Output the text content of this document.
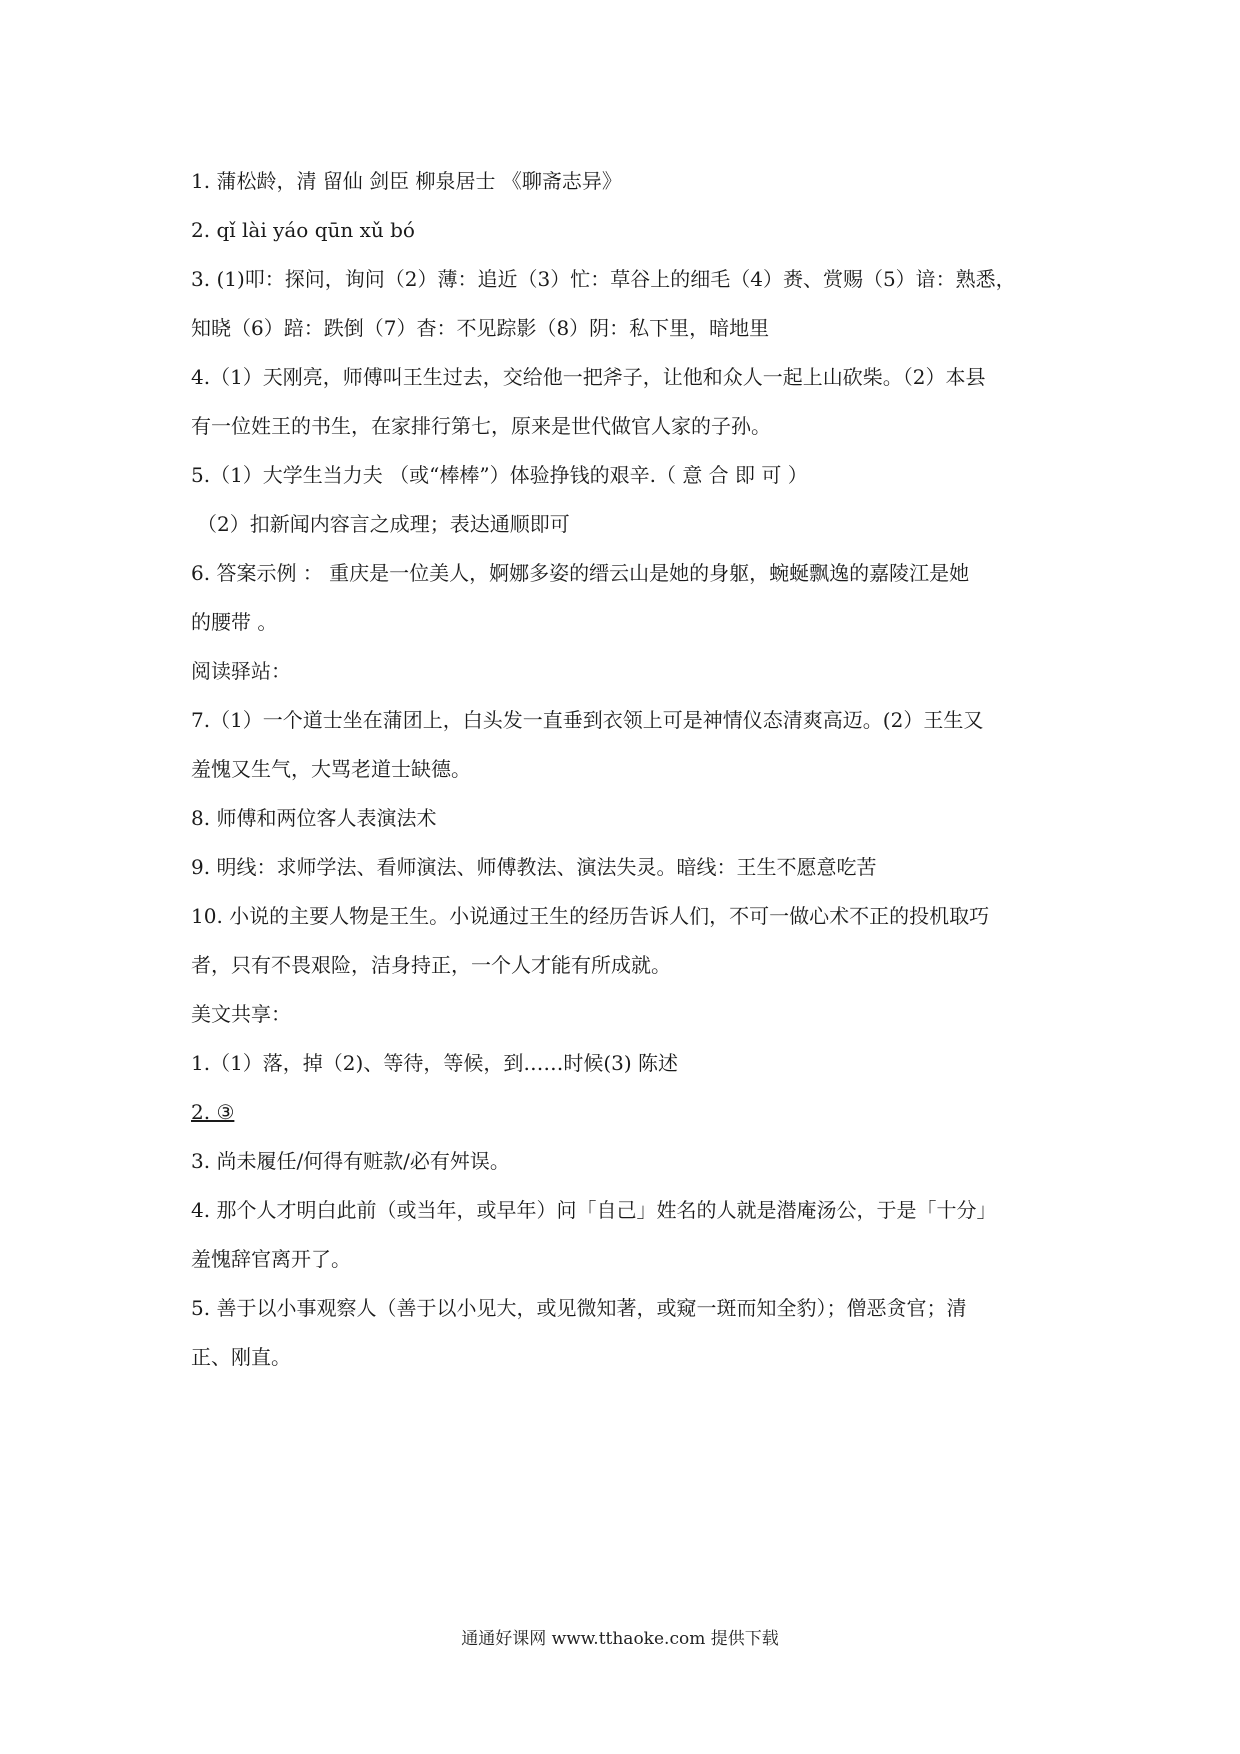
1. 蒲松龄，清 留仙 剑臣 柳泉居士 《聊斋志异》
2. qǐ lài yáo qūn xǔ bó
3. (1)叩：探问，询问（2）薄：追近（3）忙：草谷上的细毛（4）赉、赏赐（5）谙：熟悉，
知晓（6）踣：跌倒（7）杳：不见踪影（8）阴：私下里，暗地里
4.（1）天刚亮，师傅叫王生过去，交给他一把斧子，让他和众人一起上山砍柴。（2）本县
有一位姓王的书生，在家排行第七，原来是世代做官人家的子孙。
5.（1）大学生当力夫 （或“棒棒”）体验挣钱的艰辛.（ 意 合 即 可 ）
（2）扣新闻内容言之成理；表达通顺即可
6. 答案示例 ： 重庆是一位美人，婀娜多姿的缙云山是她的身躯，蜿蜒飘逸的嘉陵江是她
的腰带 。
阅读驿站：
7.（1）一个道士坐在蒲团上，白头发一直垂到衣领上可是神情仪态清爽高迈。(2）王生又
羞愧又生气，大骂老道士缺德。
8. 师傅和两位客人表演法术
9. 明线：求师学法、看师演法、师傅教法、演法失灵。暗线：王生不愿意吃苦
10. 小说的主要人物是王生。小说通过王生的经历告诉人们，不可一做心术不正的投机取巧
者，只有不畏艰险，洁身持正，一个人才能有所成就。
美文共享：
1.（1）落，掉（2)、等待，等候，到……时候(3) 陈述
2. ③
3. 尚未履任/何得有赃款/必有舛误。
4. 那个人才明白此前（或当年，或早年）问「自己」姓名的人就是潜庵汤公，于是「十分」
羞愧辞官离开了。
5. 善于以小事观察人（善于以小见大，或见微知著，或窥一斑而知全豹）；僧恶贪官；清
正、刚直。
通通好课网 www.tthaoke.com 提供下载
